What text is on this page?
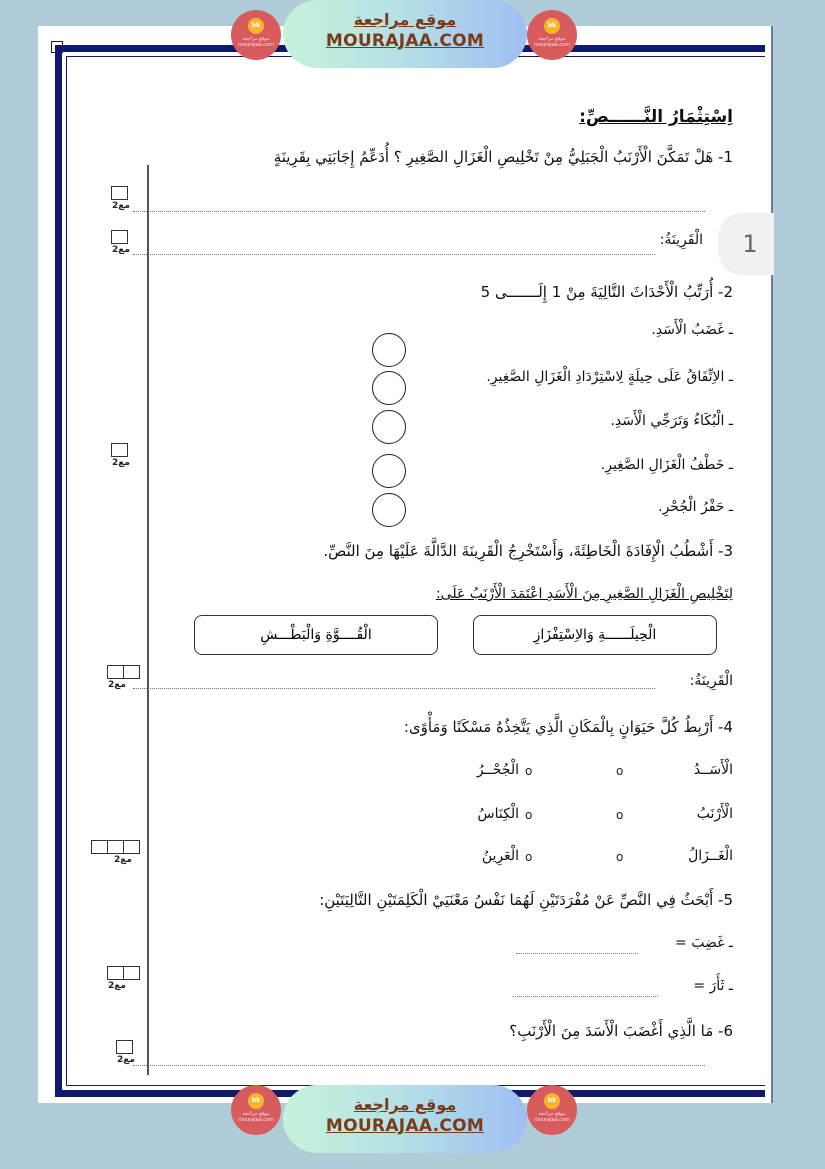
1
bk
موقع مراجعة mourajaa.com
موقع مراجعة
MOURAJAA.COM
bk
موقع مراجعة mourajaa.com
اِسْتِثْمَارُ النَّــــــصِّ:
1- هَلْ تَمَكَّنَ الْأَرْنَبُ الْجَبَلِيُّ مِنْ تَخْلِيصِ الْغَزَالِ الصَّغِيرِ ؟ أُدَعِّمُ إِجَابَتِي بِقَرِينَةٍ
الْقَرِينَةُ:
2- أُرَتِّبُ الْأَحْدَاثَ التَّالِيَةَ مِنْ 1 إِلَـــــــى 5
ـ غَضَبُ الْأَسَدِ.
ـ الاِتِّفَاقُ عَلَى حِيلَةٍ لِاسْتِرْدَادِ الْغَزَالِ الصَّغِيرِ.
ـ الْبُكَاءُ وَتَرَجِّي الْأَسَدِ.
ـ خَطْفُ الْغَزَالِ الصَّغِيرِ.
ـ حَفْرُ الْجُحْرِ.
3- أَشْطُبُ الْإِفَادَةَ الْخَاطِئَةَ، وَأَسْتَخْرِجُ الْقَرِينَةَ الدَّالَّةَ عَلَيْهَا مِنَ النَّصِّ.
لِتَخْلِيصِ الْغَزَالِ الصَّغِيرِ مِنَ الْأَسَدِ اعْتَمَدَ الْأَرْنَبُ عَلَى:
الْحِيلَــــــةِ وَالاِسْتِفْزَازِ
الْقُــــوَّةِ وَالْبَطْـــشِ
الْقَرِينَةُ:
4- أَرْبِطُ كُلَّ حَيَوَانٍ بِالْمَكَانِ الَّذِي يَتَّخِذُهُ مَسْكَنًا وَمَأْوًى:
الْأَسَــدُ
الْأَرْنَبُ
الْغَــزَالُ
o
o
o
o
o
o
الْجُحْــرُ
الْكِنَاسُ
الْعَرِينُ
5- أَبْحَثُ فِي النَّصِّ عَنْ مُفْرَدَتَيْنِ لَهُمَا نَفْسُ مَعْنَيَيْ الْكَلِمَتَيْنِ التَّالِيَتَيْنِ:
ـ غَضِبَ =
ـ ثَأَرَ =
6- مَا الَّذِي أَغْضَبَ الْأَسَدَ مِنَ الْأَرْنَبِ؟
مع2
مع2
مع2
مع2
مع2
مع2
مع2
bk
موقع مراجعة mourajaa.com
موقع مراجعة
MOURAJAA.COM
bk
موقع مراجعة mourajaa.com
